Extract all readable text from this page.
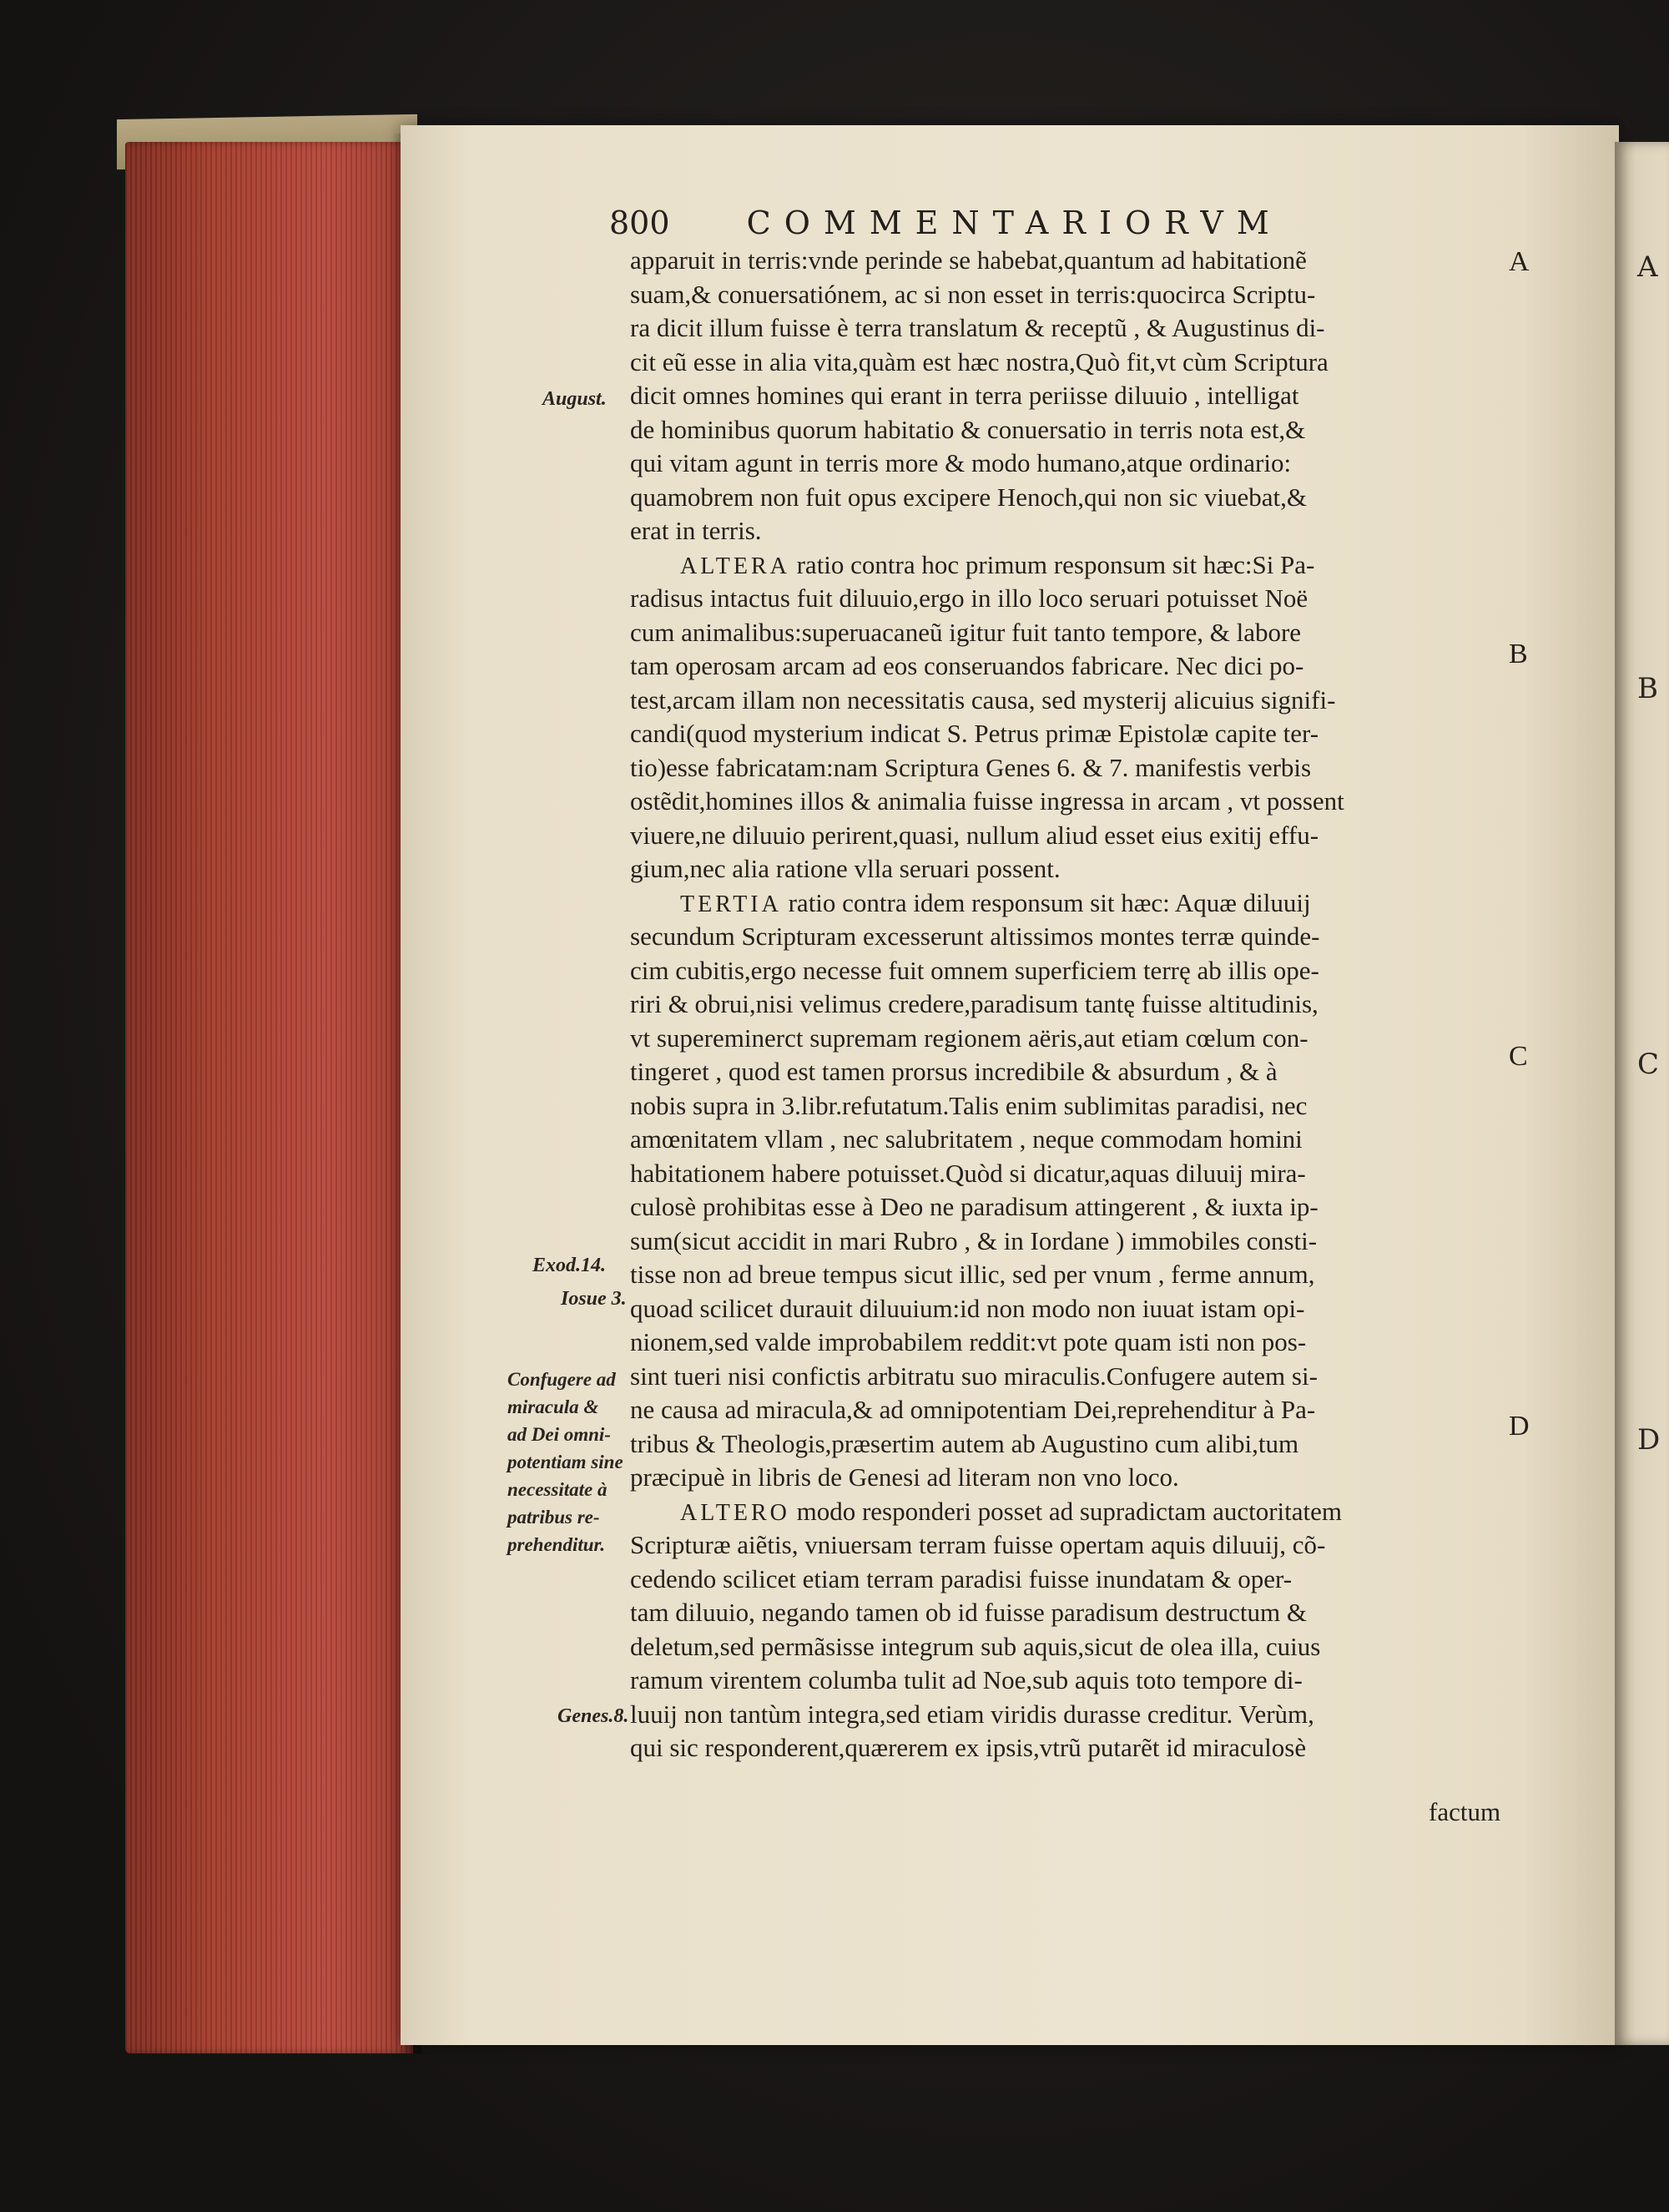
A
B
C
D
800 COMMENTARIORVM
apparuit in terris:vnde perinde se habebat,quantum ad habitationẽ
suam,& conuersatiónem, ac si non esset in terris:quocirca Scriptu-
ra dicit illum fuisse è terra translatum & receptũ , & Augustinus di-
cit eũ esse in alia vita,quàm est hæc nostra,Quò fit,vt cùm Scriptura
dicit omnes homines qui erant in terra periisse diluuio , intelligat
de hominibus quorum habitatio & conuersatio in terris nota est,&
qui vitam agunt in terris more & modo humano,atque ordinario:
quamobrem non fuit opus excipere Henoch,qui non sic viuebat,&
erat in terris.
ALTERA ratio contra hoc primum responsum sit hæc:Si Pa-
radisus intactus fuit diluuio,ergo in illo loco seruari potuisset Noë
cum animalibus:superuacaneũ igitur fuit tanto tempore, & labore
tam operosam arcam ad eos conseruandos fabricare. Nec dici po-
test,arcam illam non necessitatis causa, sed mysterij alicuius signifi-
candi(quod mysterium indicat S. Petrus primæ Epistolæ capite ter-
tio)esse fabricatam:nam Scriptura Genes 6. & 7. manifestis verbis
ostẽdit,homines illos & animalia fuisse ingressa in arcam , vt possent
viuere,ne diluuio perirent,quasi, nullum aliud esset eius exitij effu-
gium,nec alia ratione vlla seruari possent.
TERTIA ratio contra idem responsum sit hæc: Aquæ diluuij
secundum Scripturam excesserunt altissimos montes terræ quinde-
cim cubitis,ergo necesse fuit omnem superficiem terrę ab illis ope-
riri & obrui,nisi velimus credere,paradisum tantę fuisse altitudinis,
vt supereminerct supremam regionem aëris,aut etiam cœlum con-
tingeret , quod est tamen prorsus incredibile & absurdum , & à
nobis supra in 3.libr.refutatum.Talis enim sublimitas paradisi, nec
amœnitatem vllam , nec salubritatem , neque commodam homini
habitationem habere potuisset.Quòd si dicatur,aquas diluuij mira-
culosè prohibitas esse à Deo ne paradisum attingerent , & iuxta ip-
sum(sicut accidit in mari Rubro , & in Iordane ) immobiles consti-
tisse non ad breue tempus sicut illic, sed per vnum , ferme annum,
quoad scilicet durauit diluuium:id non modo non iuuat istam opi-
nionem,sed valde improbabilem reddit:vt pote quam isti non pos-
sint tueri nisi confictis arbitratu suo miraculis.Confugere autem si-
ne causa ad miracula,& ad omnipotentiam Dei,reprehenditur à Pa-
tribus & Theologis,præsertim autem ab Augustino cum alibi,tum
præcipuè in libris de Genesi ad literam non vno loco.
ALTERO modo responderi posset ad supradictam auctoritatem
Scripturæ aiẽtis, vniuersam terram fuisse opertam aquis diluuij, cõ-
cedendo scilicet etiam terram paradisi fuisse inundatam & oper-
tam diluuio, negando tamen ob id fuisse paradisum destructum &
deletum,sed permãsisse integrum sub aquis,sicut de olea illa, cuius
ramum virentem columba tulit ad Noe,sub aquis toto tempore di-
luuij non tantùm integra,sed etiam viridis durasse creditur. Verùm,
qui sic responderent,quærerem ex ipsis,vtrũ putarẽt id miraculosè
factum
August.
Exod.14.
Iosue 3.
Genes.8.
Confugere ad
miracula &
ad Dei omni-
potentiam sine
necessitate à
patribus re-
prehenditur.
A
B
C
D
